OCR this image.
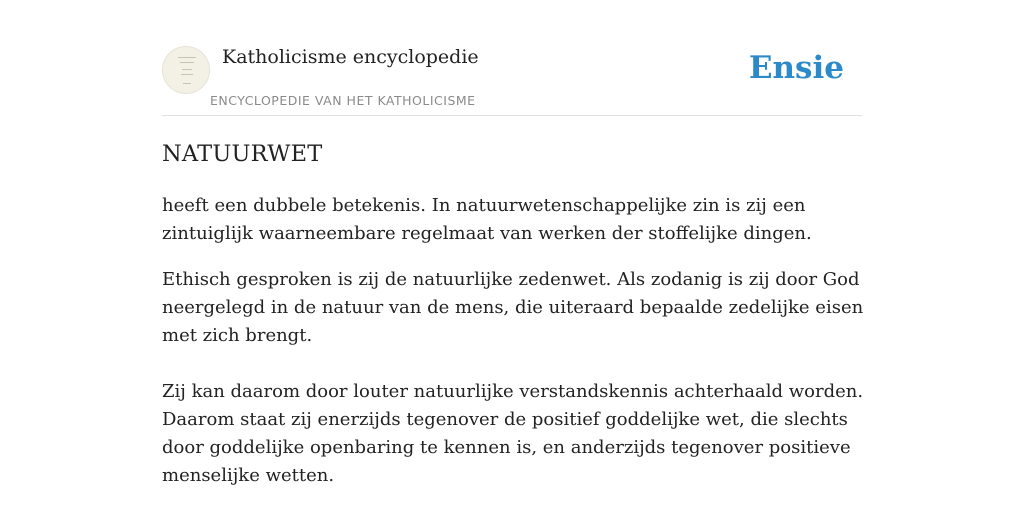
Katholicisme encyclopedie
ENCYCLOPEDIE VAN HET KATHOLICISME
Ensie
NATUURWET

heeft een dubbele betekenis. In natuurwetenschappelijke zin is zij een zintuiglijk waarneembare regelmaat van werken der stoffelijke dingen.

Ethisch gesproken is zij de natuurlijke zedenwet. Als zodanig is zij door God neergelegd in de natuur van de mens, die uiteraard bepaalde zedelijke eisen met zich brengt.

Zij kan daarom door louter natuurlijke verstandskennis achterhaald worden. Daarom staat zij enerzijds tegenover de positief goddelijke wet, die slechts door goddelijke openbaring te kennen is, en anderzijds tegenover positieve menselijke wetten.
